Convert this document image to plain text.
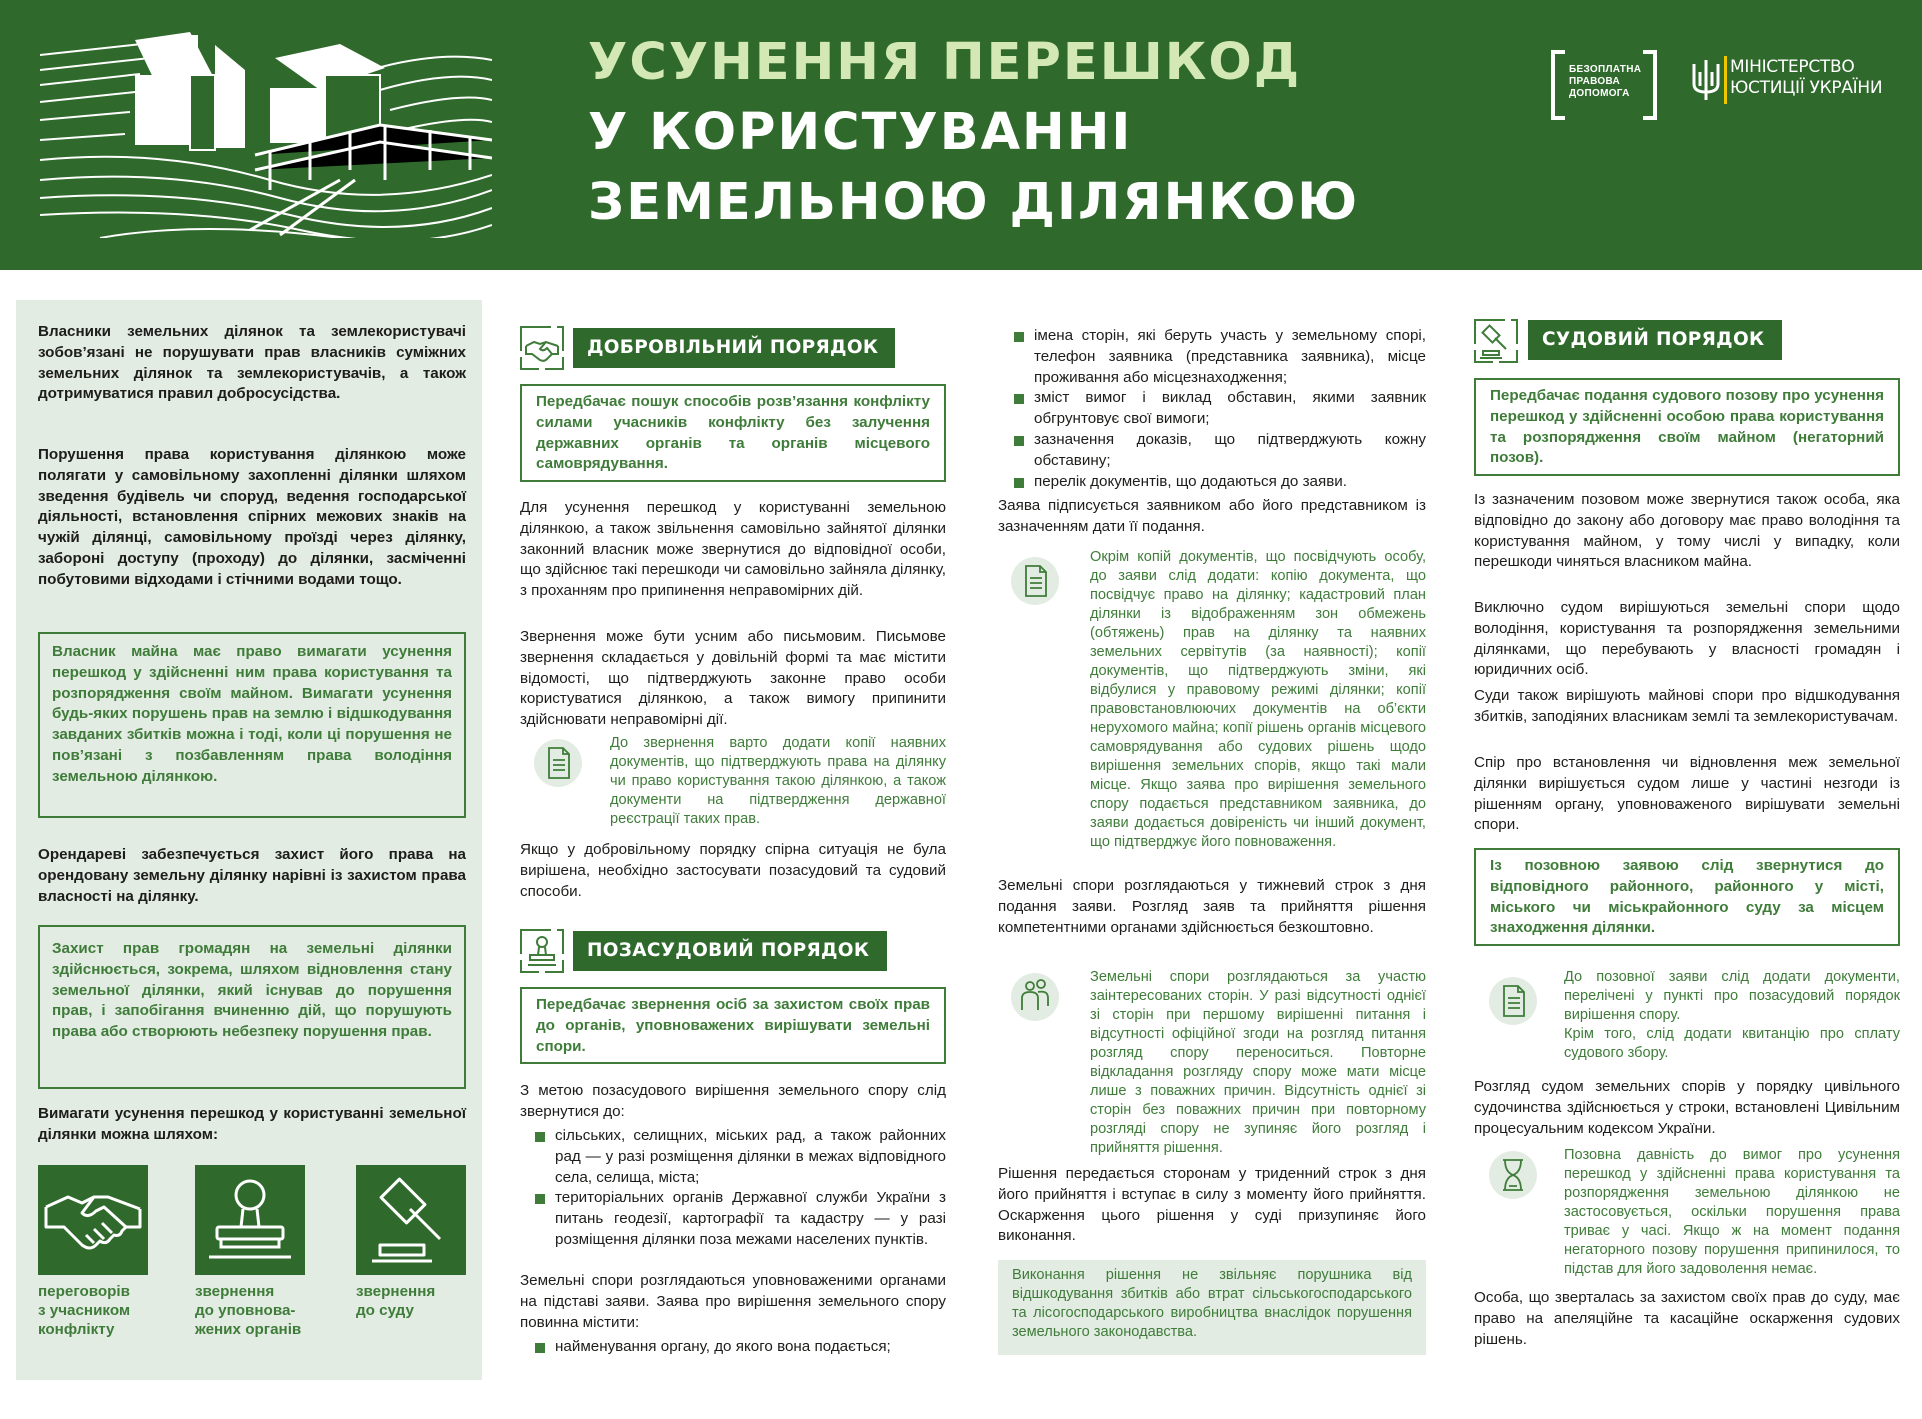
УСУНЕННЯ ПЕРЕШКОД
У КОРИСТУВАННІ
ЗЕМЕЛЬНОЮ ДІЛЯНКОЮ
БЕЗОПЛАТНА
ПРАВОВА
ДОПОМОГА
МІНІСТЕРСТВО
ЮСТИЦІЇ УКРАЇНИ

Власники земельних ділянок та землекористувачі зобов’язані не порушувати прав власників суміжних земельних ділянок та землекористувачів, а також дотримуватися правил добросусідства.

Порушення права користування ділянкою може полягати у самовільному захопленні ділянки шляхом зведення будівель чи споруд, ведення господарської діяльності, встановлення спірних межових знаків на чужій ділянці, самовільному проїзді через ділянку, забороні доступу (проходу) до ділянки, засміченні побутовими відходами і стічними водами тощо.

Власник майна має право вимагати усунення перешкод у здійсненні ним права користування та розпорядження своїм майном. Вимагати усунення будь-яких порушень прав на землю і відшкодування завданих збитків можна і тоді, коли ці порушення не пов’язані з позбавленням права володіння земельною ділянкою.

Орендареві забезпечується захист його права на орендовану земельну ділянку нарівні із захистом права власності на ділянку.

Захист прав громадян на земельні ділянки здійснюється, зокрема, шляхом відновлення стану земельної ділянки, який існував до порушення прав, і запобігання вчиненню дій, що порушують права або створюють небезпеку порушення прав.

Вимагати усунення перешкод у користуванні земельної ділянки можна шляхом:

переговорів
з учасником
конфлікту

звернення
до уповнова-
жених органів

звернення
до суду

ДОБРОВІЛЬНИЙ ПОРЯДОК

Передбачає пошук способів розв’язання конфлікту силами учасників конфлікту без залучення державних органів та органів місцевого самоврядування.

Для усунення перешкод у користуванні земельною ділянкою, а також звільнення самовільно зайнятої ділянки законний власник може звернутися до відповідної особи, що здійснює такі перешкоди чи самовільно зайняла ділянку, з проханням про припинення неправомірних дій.

Звернення може бути усним або письмовим. Письмове звернення складається у довільній формі та має містити відомості, що підтверджують законне право особи користуватися ділянкою, а також вимогу припинити здійснювати неправомірні дії.

До звернення варто додати копії наявних документів, що підтверджують права на ділянку чи право користування такою ділянкою, а також документи на підтвердження державної реєстрації таких прав.

Якщо у добровільному порядку спірна ситуація не була вирішена, необхідно застосувати позасудовий та судовий способи.

ПОЗАСУДОВИЙ ПОРЯДОК

Передбачає звернення осіб за захистом своїх прав до органів, уповноважених вирішувати земельні спори.

З метою позасудового вирішення земельного спору слід звернутися до:

сільських, селищних, міських рад, а також районних рад — у разі розміщення ділянки в межах відповідного села, селища, міста;
територіальних органів Державної служби України з питань геодезії, картографії та кадастру — у разі розміщення ділянки поза межами населених пунктів.

Земельні спори розглядаються уповноваженими органами на підставі заяви. Заява про вирішення земельного спору повинна містити:

найменування органу, до якого вона подається;
імена сторін, які беруть участь у земельному спорі, телефон заявника (представника заявника), місце проживання або місцезнаходження;
зміст вимог і виклад обставин, якими заявник обгрунтовує свої вимоги;
зазначення доказів, що підтверджують кожну обставину;
перелік документів, що додаються до заяви.

Заява підписується заявником або його представником із зазначенням дати її подання.

Окрім копій документів, що посвідчують особу, до заяви слід додати: копію документа, що посвідчує право на ділянку; кадастровий план ділянки із відображенням зон обмежень (обтяжень) прав на ділянку та наявних земельних сервітутів (за наявності); копії документів, що підтверджують зміни, які відбулися у правовому режимі ділянки; копії правовстановлюючих документів на об’єкти нерухомого майна; копії рішень органів місцевого самоврядування або судових рішень щодо вирішення земельних спорів, якщо такі мали місце. Якщо заява про вирішення земельного спору подається представником заявника, до заяви додається довіреність чи інший документ, що підтверджує його повноваження.

Земельні спори розглядаються у тижневий строк з дня подання заяви. Розгляд заяв та прийняття рішення компетентними органами здійснюється безкоштовно.

Земельні спори розглядаються за участю заінтересованих сторін. У разі відсутності однієї зі сторін при першому вирішенні питання і відсутності офіційної згоди на розгляд питання розгляд спору переноситься. Повторне відкладання розгляду спору може мати місце лише з поважних причин. Відсутність однієї зі сторін без поважних причин при повторному розгляді спору не зупиняє його розгляд і прийняття рішення.

Рішення передається сторонам у триденний строк з дня його прийняття і вступає в силу з моменту його прийняття. Оскарження цього рішення у суді призупиняє його виконання.

Виконання рішення не звільняє порушника від відшкодування збитків або втрат сільськогосподарського та лісогосподарського виробництва внаслідок порушення земельного законодавства.

СУДОВИЙ ПОРЯДОК

Передбачає подання судового позову про усунення перешкод у здійсненні особою права користування та розпорядження своїм майном (негаторний позов).

Із зазначеним позовом може звернутися також особа, яка відповідно до закону або договору має право володіння та користування майном, у тому числі у випадку, коли перешкоди чиняться власником майна.

Виключно судом вирішуються земельні спори щодо володіння, користування та розпорядження земельними ділянками, що перебувають у власності громадян і юридичних осіб.

Суди також вирішують майнові спори про відшкодування збитків, заподіяних власникам землі та землекористувачам.

Спір про встановлення чи відновлення меж земельної ділянки вирішується судом лише у частині незгоди із рішенням органу, уповноваженого вирішувати земельні спори.

Із позовною заявою слід звернутися до відповідного районного, районного у місті, міського чи міськрайонного суду за місцем знаходження ділянки.

До позовної заяви слід додати документи, перелічені у пункті про позасудовий порядок вирішення спору.

Крім того, слід додати квитанцію про сплату судового збору.

Розгляд судом земельних спорів у порядку цивільного судочинства здійснюється у строки, встановлені Цивільним процесуальним кодексом України.

Позовна давність до вимог про усунення перешкод у здійсненні права користування та розпорядження земельною ділянкою не застосовується, оскільки порушення права триває у часі. Якщо ж на момент подання негаторного позову порушення припинилося, то підстав для його задоволення немає.

Особа, що зверталась за захистом своїх прав до суду, має право на апеляційне та касаційне оскарження судових рішень.
